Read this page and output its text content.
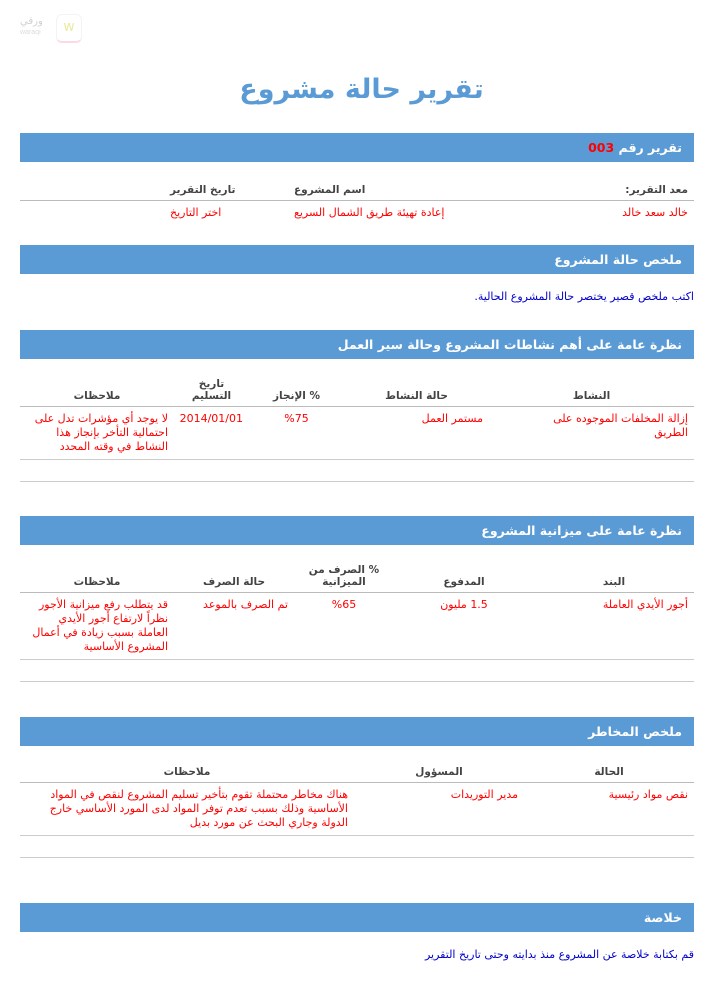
ورقي
waraqi	w
تقرير حالة مشروع
تقرير رقم 003
معد التقرير:	اسم المشروع	تاريخ التقرير
خالد سعد خالد	إعادة تهيئة طريق الشمال السريع	اختر التاريخ
ملخص حالة المشروع
اكتب ملخص قصير يختصر حالة المشروع الحالية.
نظرة عامة على أهم نشاطات المشروع وحالة سير العمل
النشاط	حالة النشاط	% الإنجاز	تاريخ التسليم	ملاحظات
إزالة المخلفات الموجوده على الطريق	مستمر العمل	%75	2014/01/01	لا يوجد أي مؤشرات تدل على احتمالية التأخر بإنجاز هذا النشاط في وقته المحدد

نظرة عامة على ميزانية المشروع
البند	المدفوع	% الصرف من الميزانية	حالة الصرف	ملاحظات
أجور الأيدي العاملة	1.5 مليون	%65	تم الصرف بالموعد	قد يتطلب رفع ميزانية الأجور نظراً لارتفاع أجور الأيدي العاملة بسبب زيادة في أعمال المشروع الأساسية

ملخص المخاطر
الحالة	المسؤول	ملاحظات
نقص مواد رئيسية	مدير التوريدات	هناك مخاطر محتملة تقوم بتأخير تسليم المشروع لنقص في المواد الأساسية وذلك بسبب تعدم توفر المواد لدى المورد الأساسي خارج الدولة وجاري البحث عن مورد بديل

خلاصة
قم بكتابة خلاصة عن المشروع منذ بدايته وحتى تاريخ التقرير
